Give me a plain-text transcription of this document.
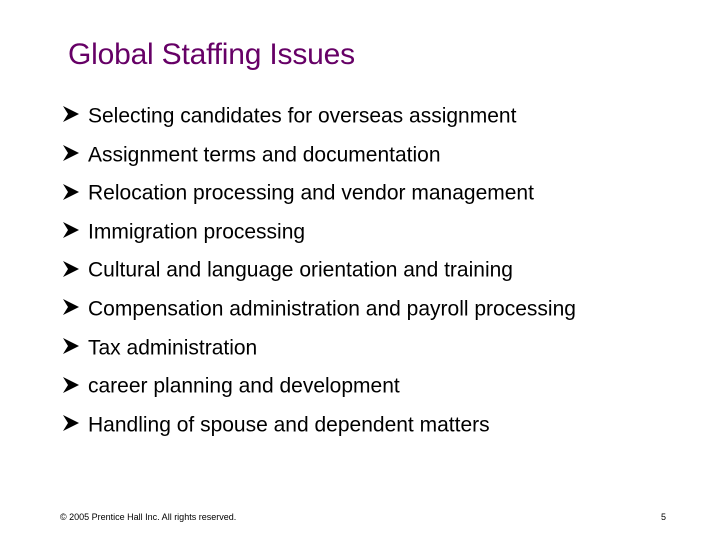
Global Staffing Issues
Selecting candidates for overseas assignment
Assignment terms and documentation
Relocation processing and vendor management
Immigration processing
Cultural and language orientation and training
Compensation administration and payroll processing
Tax administration
career planning and development
Handling of spouse and dependent matters
© 2005 Prentice Hall Inc. All rights reserved.	5
